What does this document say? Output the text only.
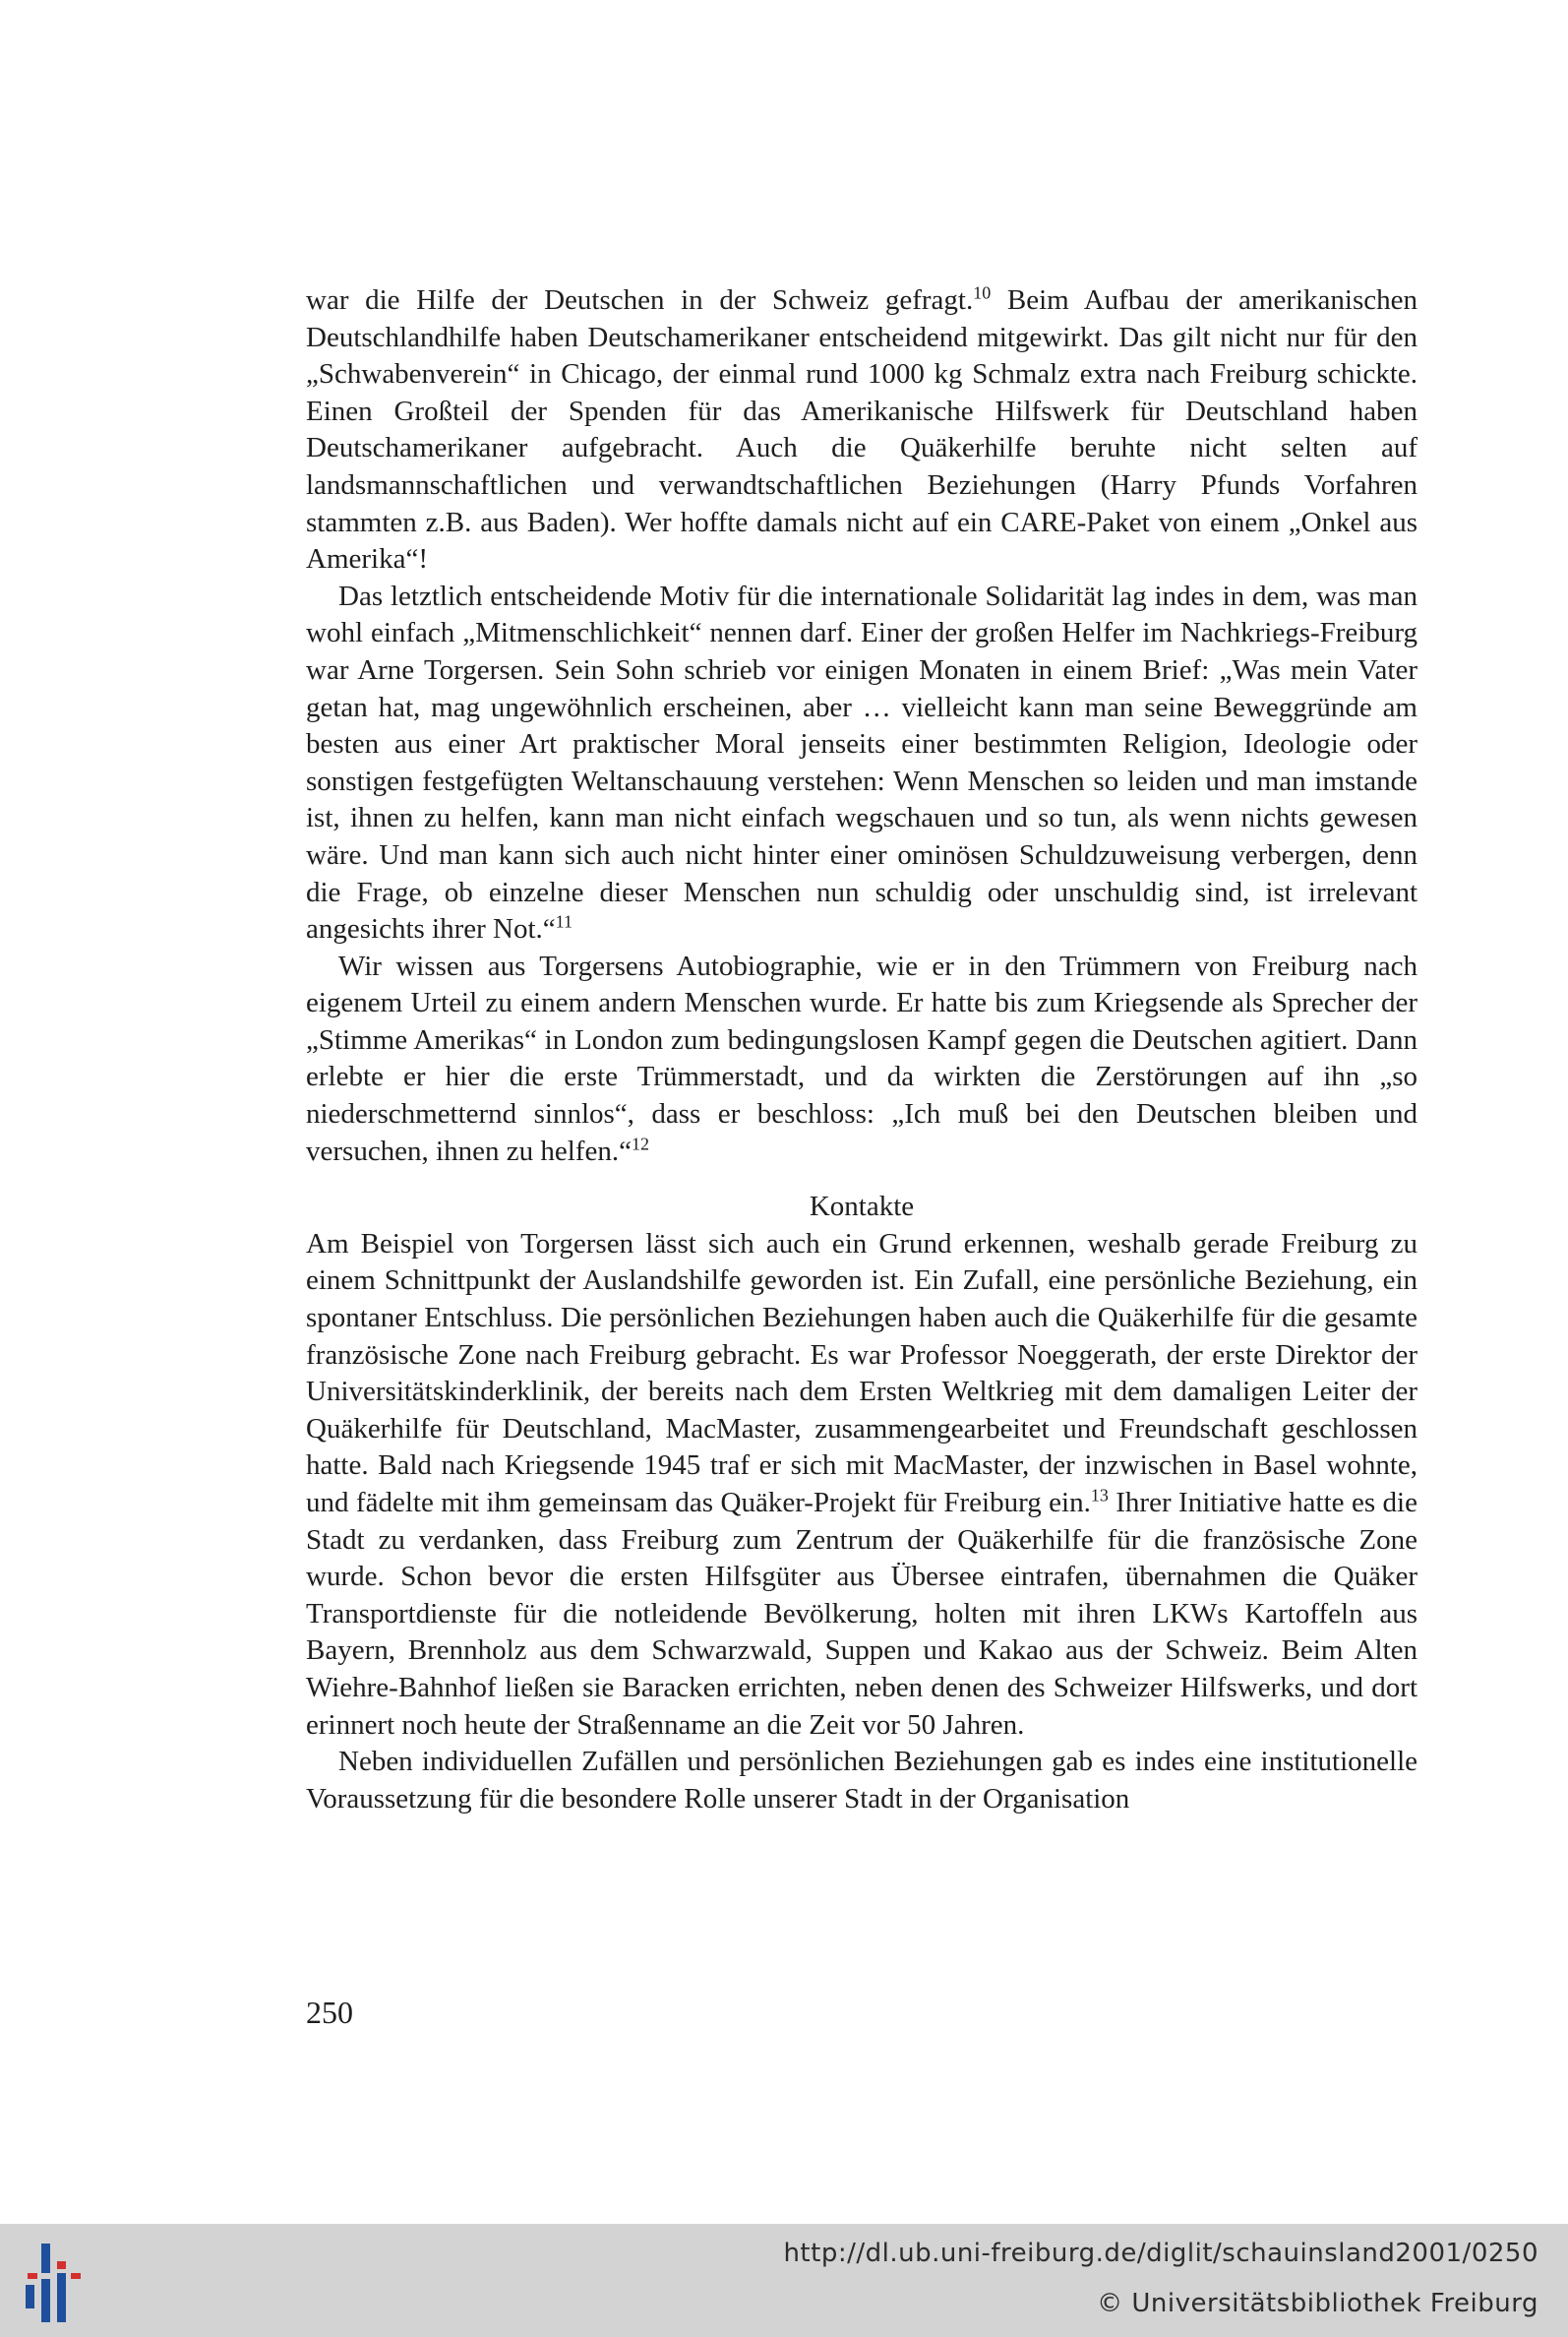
war die Hilfe der Deutschen in der Schweiz gefragt.$^{10}$ Beim Aufbau der amerikanischen Deutschlandhilfe haben Deutschamerikaner entscheidend mitgewirkt. Das gilt nicht nur für den „Schwabenverein“ in Chicago, der einmal rund 1000 kg Schmalz extra nach Freiburg schickte. Einen Großteil der Spenden für das Amerikanische Hilfswerk für Deutschland haben Deutschamerikaner aufgebracht. Auch die Quäkerhilfe beruhte nicht selten auf landsmannschaftlichen und verwandtschaftlichen Beziehungen (Harry Pfunds Vorfahren stammten z.B. aus Baden). Wer hoffte damals nicht auf ein CARE-Paket von einem „Onkel aus Amerika“!

Das letztlich entscheidende Motiv für die internationale Solidarität lag indes in dem, was man wohl einfach „Mitmenschlichkeit“ nennen darf. Einer der großen Helfer im Nachkriegs-Freiburg war Arne Torgersen. Sein Sohn schrieb vor einigen Monaten in einem Brief: „Was mein Vater getan hat, mag ungewöhnlich erscheinen, aber … vielleicht kann man seine Beweggründe am besten aus einer Art praktischer Moral jenseits einer bestimmten Religion, Ideologie oder sonstigen festgefügten Weltanschauung verstehen: Wenn Menschen so leiden und man imstande ist, ihnen zu helfen, kann man nicht einfach wegschauen und so tun, als wenn nichts gewesen wäre. Und man kann sich auch nicht hinter einer ominösen Schuldzuweisung verbergen, denn die Frage, ob einzelne dieser Menschen nun schuldig oder unschuldig sind, ist irrelevant angesichts ihrer Not.“$^{11}$

Wir wissen aus Torgersens Autobiographie, wie er in den Trümmern von Freiburg nach eigenem Urteil zu einem andern Menschen wurde. Er hatte bis zum Kriegsende als Sprecher der „Stimme Amerikas“ in London zum bedingungslosen Kampf gegen die Deutschen agitiert. Dann erlebte er hier die erste Trümmerstadt, und da wirkten die Zerstörungen auf ihn „so niederschmetternd sinnlos“, dass er beschloss: „Ich muß bei den Deutschen bleiben und versuchen, ihnen zu helfen.“$^{12}$

Kontakte

Am Beispiel von Torgersen lässt sich auch ein Grund erkennen, weshalb gerade Freiburg zu einem Schnittpunkt der Auslandshilfe geworden ist. Ein Zufall, eine persönliche Beziehung, ein spontaner Entschluss. Die persönlichen Beziehungen haben auch die Quäkerhilfe für die gesamte französische Zone nach Freiburg gebracht. Es war Professor Noeggerath, der erste Direktor der Universitätskinderklinik, der bereits nach dem Ersten Weltkrieg mit dem damaligen Leiter der Quäkerhilfe für Deutschland, MacMaster, zusammengearbeitet und Freundschaft geschlossen hatte. Bald nach Kriegsende 1945 traf er sich mit MacMaster, der inzwischen in Basel wohnte, und fädelte mit ihm gemeinsam das Quäker-Projekt für Freiburg ein.$^{13}$ Ihrer Initiative hatte es die Stadt zu verdanken, dass Freiburg zum Zentrum der Quäkerhilfe für die französische Zone wurde. Schon bevor die ersten Hilfsgüter aus Übersee eintrafen, übernahmen die Quäker Transportdienste für die notleidende Bevölkerung, holten mit ihren LKWs Kartoffeln aus Bayern, Brennholz aus dem Schwarzwald, Suppen und Kakao aus der Schweiz. Beim Alten Wiehre-Bahnhof ließen sie Baracken errichten, neben denen des Schweizer Hilfswerks, und dort erinnert noch heute der Straßenname an die Zeit vor 50 Jahren.

Neben individuellen Zufällen und persönlichen Beziehungen gab es indes eine institutionelle Voraussetzung für die besondere Rolle unserer Stadt in der Organisation

250
http://dl.ub.uni-freiburg.de/diglit/schauinsland2001/0250
© Universitätsbibliothek Freiburg
